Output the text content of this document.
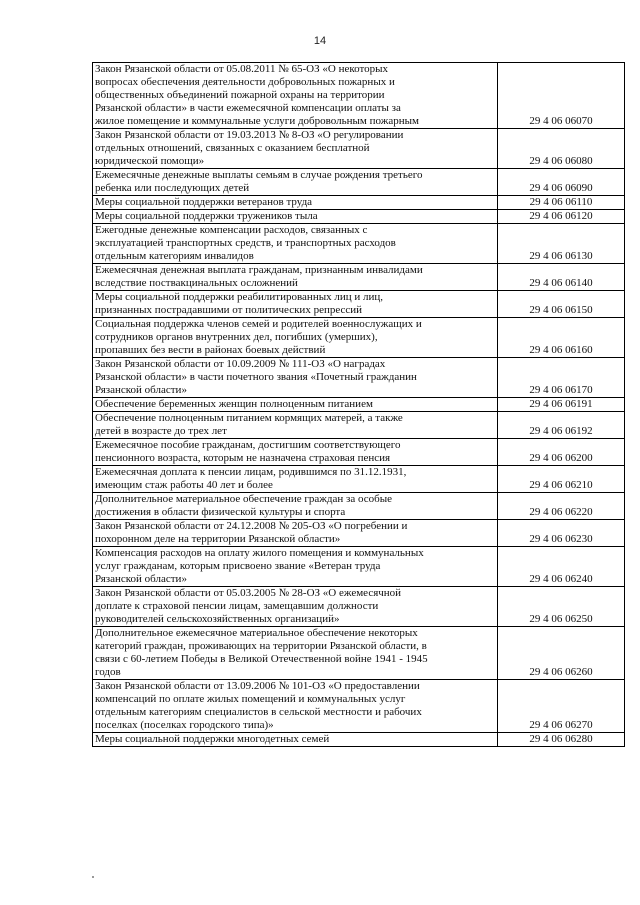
14
Закон Рязанской области от 05.08.2011 № 65-ОЗ «О некоторых
вопросах обеспечения деятельности добровольных пожарных и
общественных объединений пожарной охраны на территории
Рязанской области» в части ежемесячной компенсации оплаты за
жилое помещение и коммунальные услуги добровольным пожарным	29 4 06 06070

Закон Рязанской области от 19.03.2013 № 8-ОЗ «О регулировании
отдельных отношений, связанных с оказанием бесплатной
юридической помощи»	29 4 06 06080

Ежемесячные денежные выплаты семьям в случае рождения третьего
ребенка или последующих детей	29 4 06 06090

Меры социальной поддержки ветеранов труда	29 4 06 06110

Меры социальной поддержки тружеников тыла	29 4 06 06120

Ежегодные денежные компенсации расходов, связанных с
эксплуатацией транспортных средств, и транспортных расходов
отдельным категориям инвалидов	29 4 06 06130

Ежемесячная денежная выплата гражданам, признанным инвалидами
вследствие поствакцинальных осложнений	29 4 06 06140

Меры социальной поддержки реабилитированных лиц и лиц,
признанных пострадавшими от политических репрессий	29 4 06 06150

Социальная поддержка членов семей и родителей военнослужащих и
сотрудников органов внутренних дел, погибших (умерших),
пропавших без вести в районах боевых действий	29 4 06 06160

Закон Рязанской области от 10.09.2009 № 111-ОЗ «О наградах
Рязанской области» в части почетного звания «Почетный гражданин
Рязанской области»	29 4 06 06170

Обеспечение беременных женщин полноценным питанием	29 4 06 06191

Обеспечение полноценным питанием кормящих матерей, а также
детей в возрасте до трех лет	29 4 06 06192

Ежемесячное пособие гражданам, достигшим соответствующего
пенсионного возраста, которым не назначена страховая пенсия	29 4 06 06200

Ежемесячная доплата к пенсии лицам, родившимся по 31.12.1931,
имеющим стаж работы 40 лет и более	29 4 06 06210

Дополнительное материальное обеспечение граждан за особые
достижения в области физической культуры и спорта	29 4 06 06220

Закон Рязанской области от 24.12.2008 № 205-ОЗ «О погребении и
похоронном деле на территории Рязанской области»	29 4 06 06230

Компенсация расходов на оплату жилого помещения и коммунальных
услуг гражданам, которым присвоено звание «Ветеран труда
Рязанской области»	29 4 06 06240

Закон Рязанской области от 05.03.2005 № 28-ОЗ «О ежемесячной
доплате к страховой пенсии лицам, замещавшим должности
руководителей сельскохозяйственных организаций»	29 4 06 06250

Дополнительное ежемесячное материальное обеспечение некоторых
категорий граждан, проживающих на территории Рязанской области, в
связи с 60-летием Победы в Великой Отечественной войне 1941 - 1945
годов	29 4 06 06260

Закон Рязанской области от 13.09.2006 № 101-ОЗ «О предоставлении
компенсаций по оплате жилых помещений и коммунальных услуг
отдельным категориям специалистов в сельской местности и рабочих
поселках (поселках городского типа)»	29 4 06 06270

Меры социальной поддержки многодетных семей	29 4 06 06280
